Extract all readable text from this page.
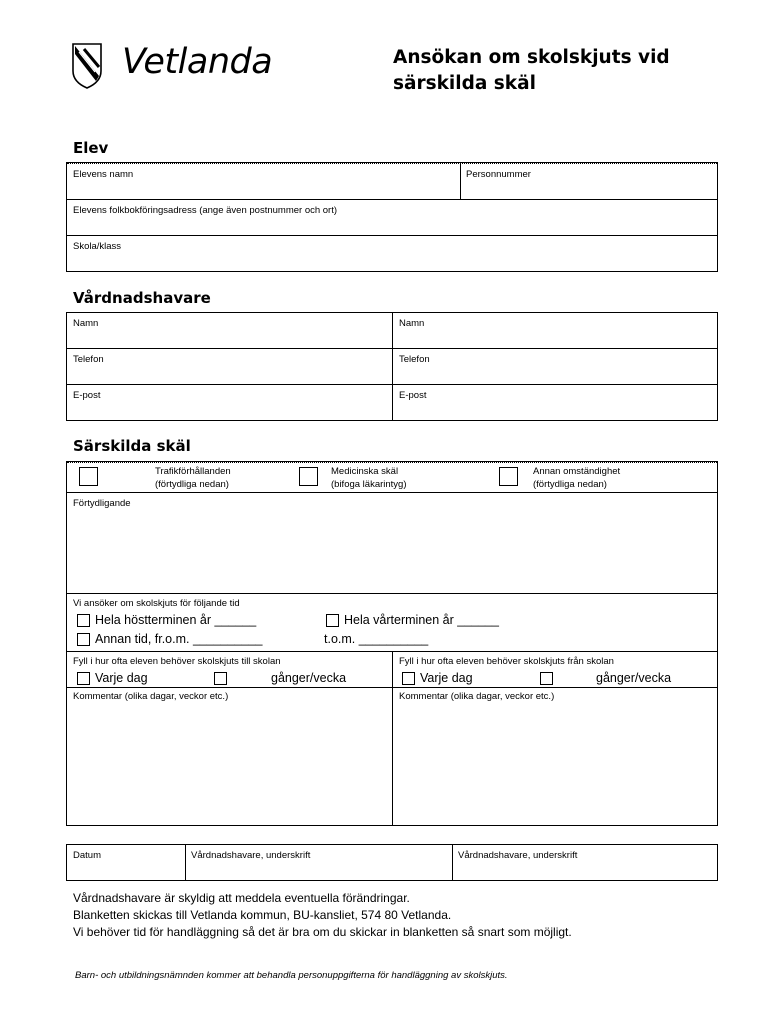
Vetlanda	Ansökan om skolskjuts vid
särskilda skäl
Elev
Elevens namn	Personnummer
Elevens folkbokföringsadress (ange även postnummer och ort)
Skola/klass
Vårdnadshavare
Namn	Namn
Telefon	Telefon
E-post	E-post
Särskilda skäl
Trafikförhållanden
(förtydliga nedan)
Medicinska skäl
(bifoga läkarintyg)
Annan omständighet
(förtydliga nedan)
Förtydligande
Vi ansöker om skolskjuts för följande tid
Hela höstterminen år ______	Hela vårterminen år ______
Annan tid, fr.o.m. __________	t.o.m. __________
Fyll i hur ofta eleven behöver skolskjuts till skolan
Varje dag	gånger/vecka
Fyll i hur ofta eleven behöver skolskjuts från skolan
Varje dag	gånger/vecka
Kommentar (olika dagar, veckor etc.)	Kommentar (olika dagar, veckor etc.)
Datum	Vårdnadshavare, underskrift	Vårdnadshavare, underskrift
Vårdnadshavare är skyldig att meddela eventuella förändringar.
Blanketten skickas till Vetlanda kommun, BU-kansliet, 574 80 Vetlanda.
Vi behöver tid för handläggning så det är bra om du skickar in blanketten så snart som möjligt.
Barn- och utbildningsnämnden kommer att behandla personuppgifterna för handläggning av skolskjuts.
